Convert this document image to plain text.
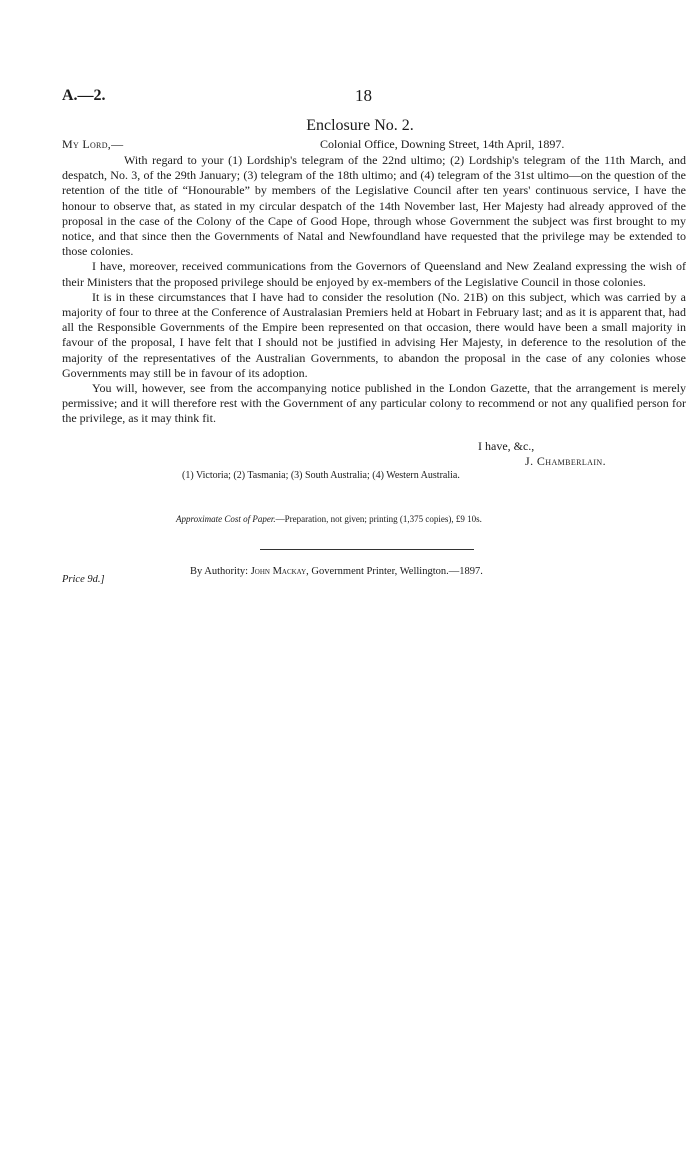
A.—2.	18
Enclosure No. 2.
My Lord,—	Colonial Office, Downing Street, 14th April, 1897.

With regard to your (1) Lordship's telegram of the 22nd ultimo; (2) Lordship's telegram of the 11th March, and despatch, No. 3, of the 29th January; (3) telegram of the 18th ultimo; and (4) telegram of the 31st ultimo—on the question of the retention of the title of “Honourable” by members of the Legislative Council after ten years' continuous service, I have the honour to observe that, as stated in my circular despatch of the 14th November last, Her Majesty had already approved of the proposal in the case of the Colony of the Cape of Good Hope, through whose Government the subject was first brought to my notice, and that since then the Governments of Natal and Newfoundland have requested that the privilege may be extended to those colonies.

I have, moreover, received communications from the Governors of Queensland and New Zealand expressing the wish of their Ministers that the proposed privilege should be enjoyed by ex-members of the Legislative Council in those colonies.

It is in these circumstances that I have had to consider the resolution (No. 21B) on this subject, which was carried by a majority of four to three at the Conference of Australasian Premiers held at Hobart in February last; and as it is apparent that, had all the Responsible Governments of the Empire been represented on that occasion, there would have been a small majority in favour of the proposal, I have felt that I should not be justified in advising Her Majesty, in deference to the resolution of the majority of the representatives of the Australian Governments, to abandon the proposal in the case of any colonies whose Governments may still be in favour of its adoption.

You will, however, see from the accompanying notice published in the London Gazette, that the arrangement is merely permissive; and it will therefore rest with the Government of any particular colony to recommend or not any qualified person for the privilege, as it may think fit.

I have, &c.,
J. Chamberlain.
(1) Victoria; (2) Tasmania; (3) South Australia; (4) Western Australia.
Approximate Cost of Paper.—Preparation, not given; printing (1,375 copies), £9 10s.
By Authority: John Mackay, Government Printer, Wellington.—1897.
Price 9d.]
